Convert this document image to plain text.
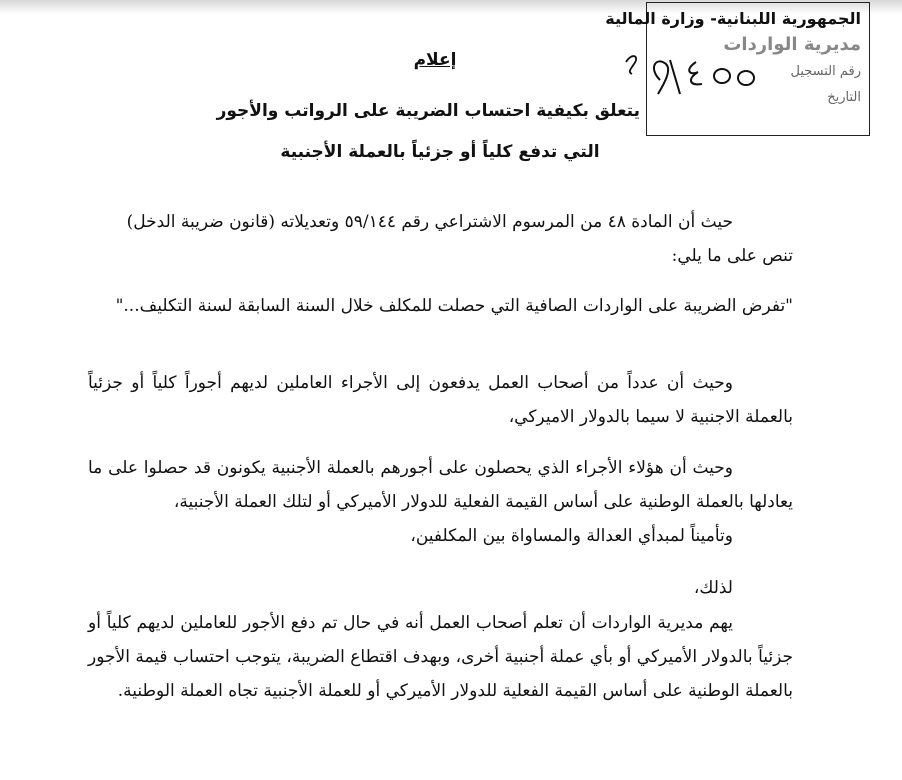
الجمهورية اللبنانية- وزارة المالية
مديرية الواردات
رقم التسجيل
التاريخ
إعلام
يتعلق بكيفية احتساب الضريبة على الرواتب والأجور
التي تدفع كلياً أو جزئياً بالعملة الأجنبية
حيث أن المادة ٤٨ من المرسوم الاشتراعي رقم ٥٩/١٤٤ وتعديلاته (قانون ضريبة الدخل)
تنص على ما يلي:
"تفرض الضريبة على الواردات الصافية التي حصلت للمكلف خلال السنة السابقة لسنة التكليف..."
وحيث أن عدداً من أصحاب العمل يدفعون إلى الأجراء العاملين لديهم أجوراً كلياً أو جزئياً بالعملة الاجنبية لا سيما بالدولار الاميركي،
وحيث أن هؤلاء الأجراء الذي يحصلون على أجورهم بالعملة الأجنبية يكونون قد حصلوا على ما يعادلها بالعملة الوطنية على أساس القيمة الفعلية للدولار الأميركي أو لتلك العملة الأجنبية،
وتأميناً لمبدأي العدالة والمساواة بين المكلفين،
لذلك،
يهم مديرية الواردات أن تعلم أصحاب العمل أنه في حال تم دفع الأجور للعاملين لديهم كلياً أو جزئياً بالدولار الأميركي أو بأي عملة أجنبية أخرى، وبهدف اقتطاع الضريبة، يتوجب احتساب قيمة الأجور بالعملة الوطنية على أساس القيمة الفعلية للدولار الأميركي أو للعملة الأجنبية تجاه العملة الوطنية.
